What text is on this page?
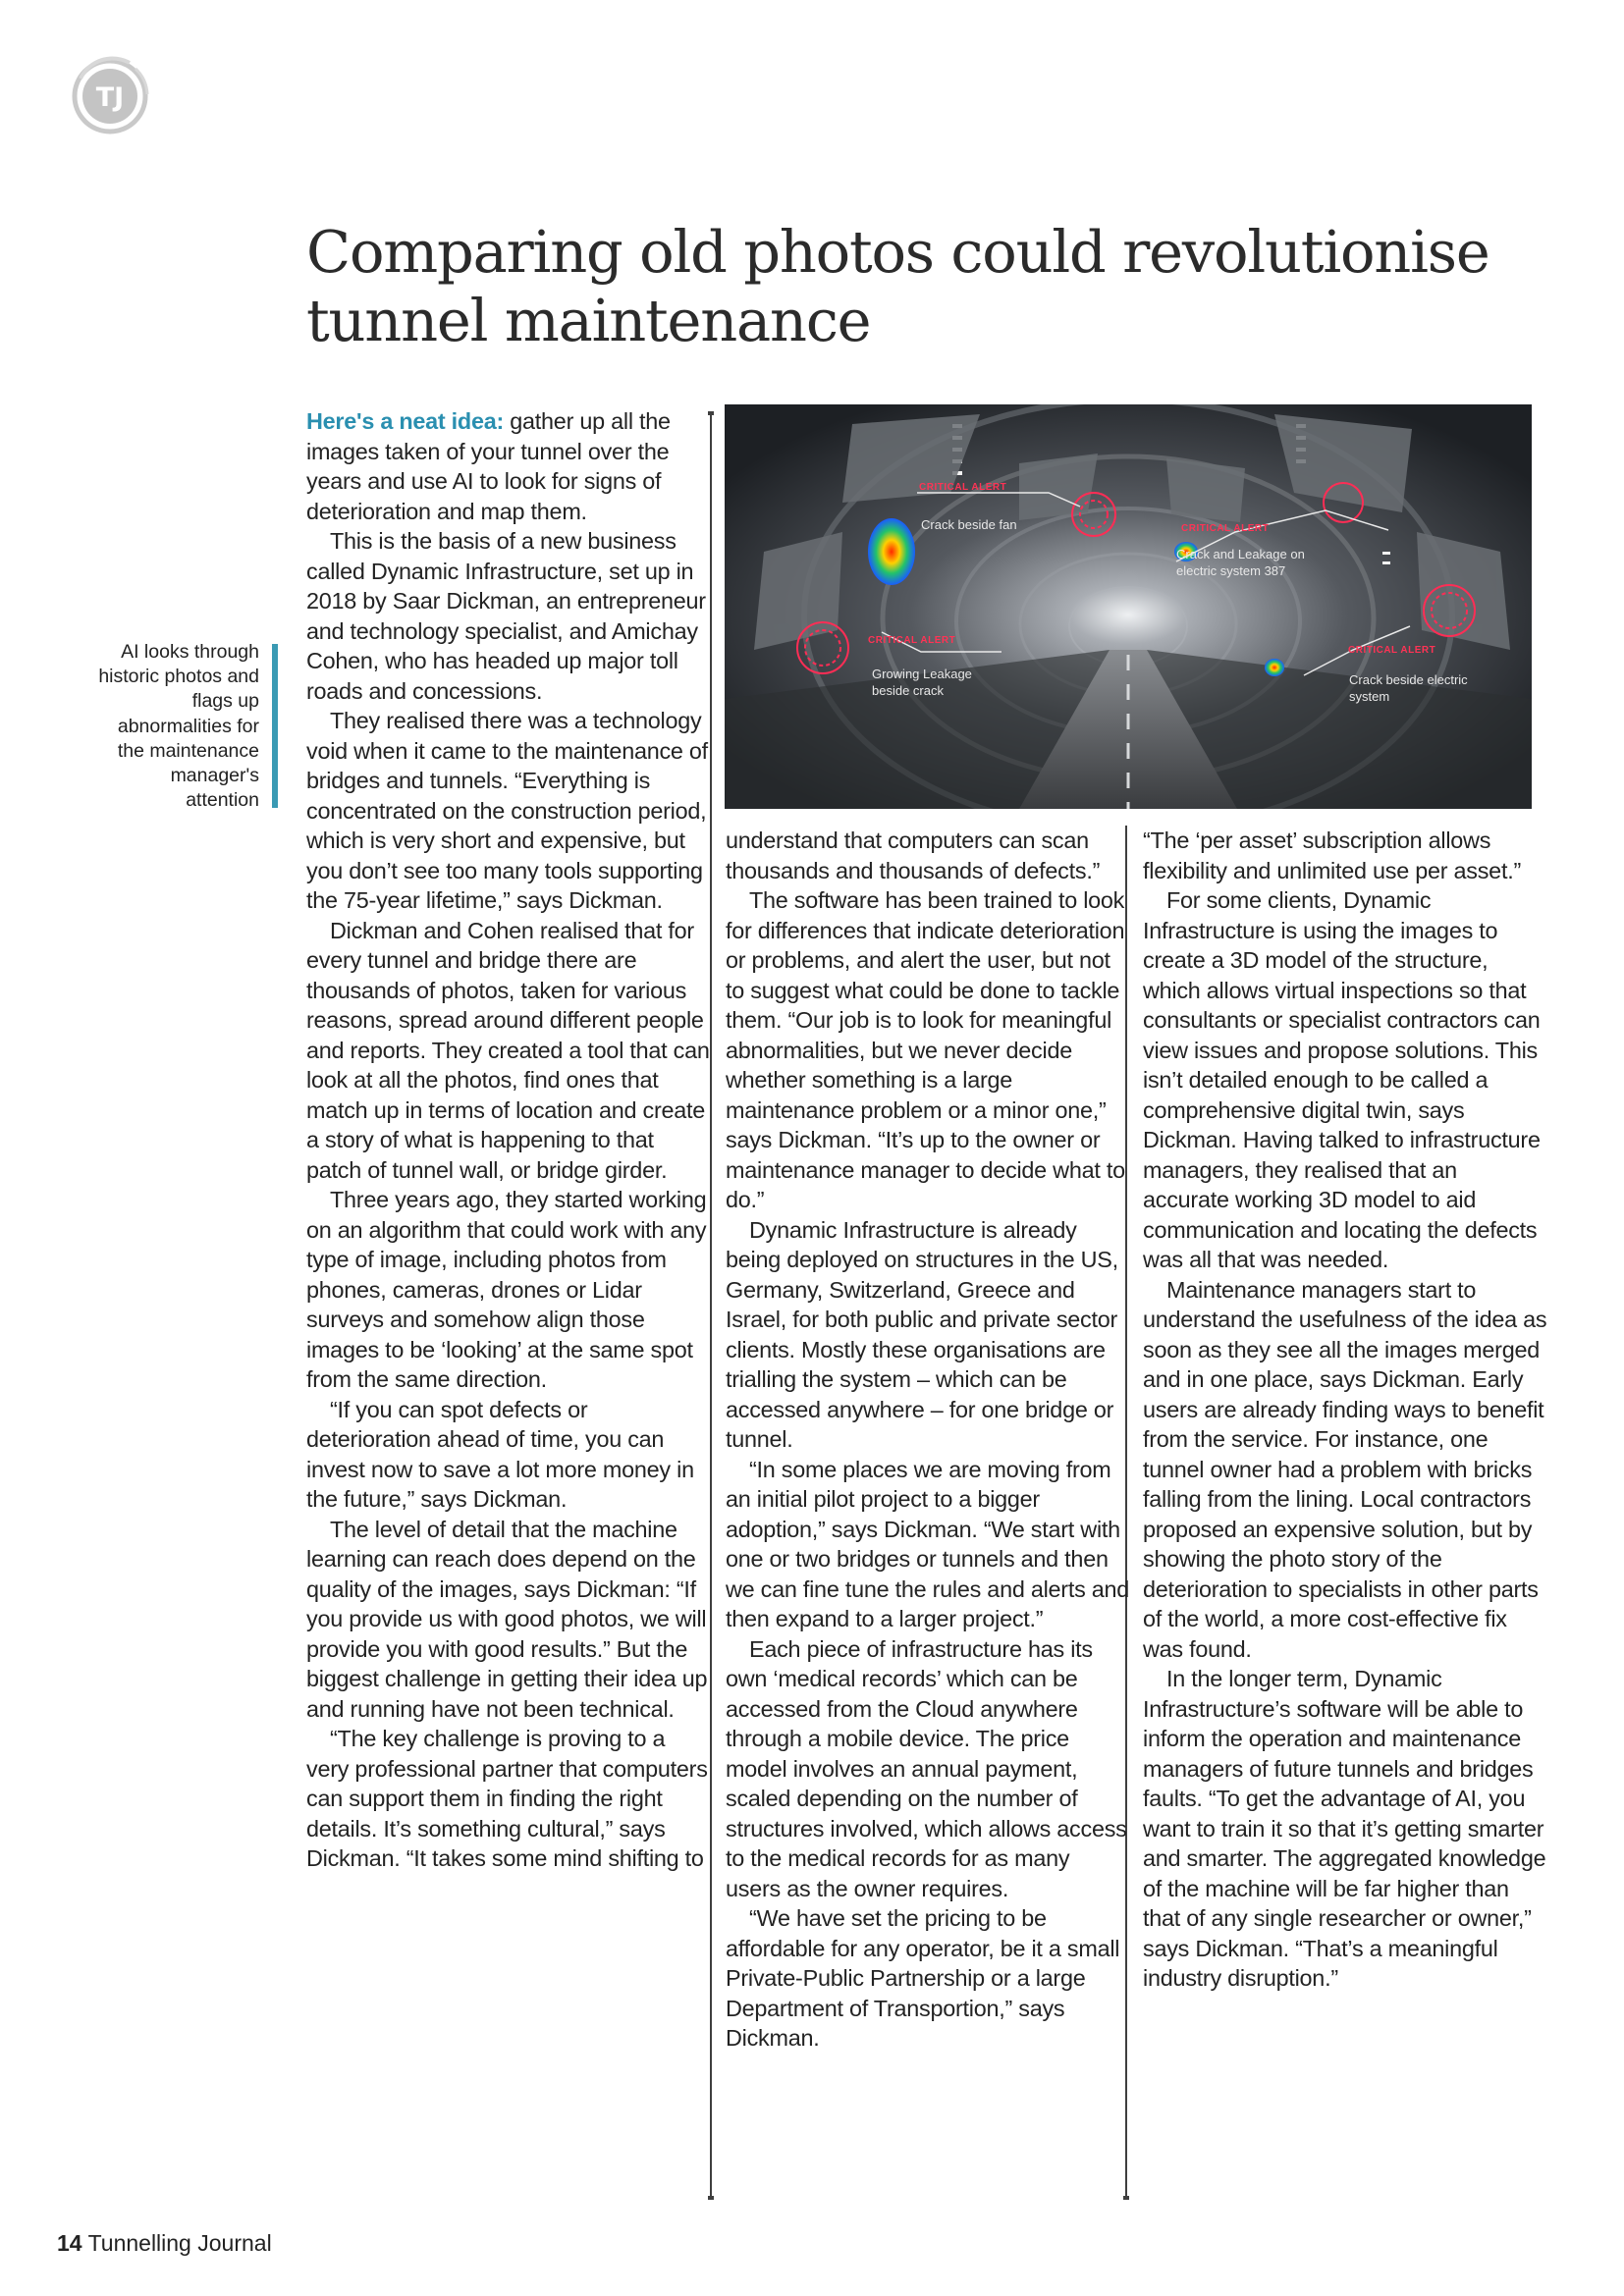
TJ
Comparing old photos could revolutionise tunnel maintenance
AI looks through historic photos and flags up abnormalities for the maintenance manager's attention

Here's a neat idea: gather up all the images taken of your tunnel over the years and use AI to look for signs of deterioration and map them.

This is the basis of a new business called Dynamic Infrastructure, set up in 2018 by Saar Dickman, an entrepreneur and technology specialist, and Amichay Cohen, who has headed up major toll roads and concessions.

They realised there was a technology void when it came to the maintenance of bridges and tunnels. “Everything is concentrated on the construction period, which is very short and expensive, but you don’t see too many tools supporting the 75-year lifetime,” says Dickman.

Dickman and Cohen realised that for every tunnel and bridge there are thousands of photos, taken for various reasons, spread around different people and reports. They created a tool that can look at all the photos, find ones that match up in terms of location and create a story of what is happening to that patch of tunnel wall, or bridge girder.

Three years ago, they started working on an algorithm that could work with any type of image, including photos from phones, cameras, drones or Lidar surveys and somehow align those images to be ‘looking’ at the same spot from the same direction.

“If you can spot defects or deterioration ahead of time, you can invest now to save a lot more money in the future,” says Dickman.

The level of detail that the machine learning can reach does depend on the quality of the images, says Dickman: “If you provide us with good photos, we will provide you with good results.” But the biggest challenge in getting their idea up and running have not been technical.

“The key challenge is proving to a very professional partner that computers can support them in finding the right details. It’s something cultural,” says Dickman. “It takes some mind shifting to

CRITICAL ALERT
Crack beside fan	CRITICAL ALERT
Crack and Leakage on
electric system 387
CRITICAL ALERT
Growing Leakage
beside crack
CRITICAL ALERT
Crack beside electric
system

understand that computers can scan thousands and thousands of defects.”

The software has been trained to look for differences that indicate deterioration or problems, and alert the user, but not to suggest what could be done to tackle them. “Our job is to look for meaningful abnormalities, but we never decide whether something is a large maintenance problem or a minor one,” says Dickman. “It’s up to the owner or maintenance manager to decide what to do.”

Dynamic Infrastructure is already being deployed on structures in the US, Germany, Switzerland, Greece and Israel, for both public and private sector clients. Mostly these organisations are trialling the system – which can be accessed anywhere – for one bridge or tunnel.

“In some places we are moving from an initial pilot project to a bigger adoption,” says Dickman. “We start with one or two bridges or tunnels and then we can fine tune the rules and alerts and then expand to a larger project.”

Each piece of infrastructure has its own ‘medical records’ which can be accessed from the Cloud anywhere through a mobile device. The price model involves an annual payment, scaled depending on the number of structures involved, which allows access to the medical records for as many users as the owner requires.

“We have set the pricing to be affordable for any operator, be it a small Private-Public Partnership or a large Department of Transportion,” says Dickman.

“The ‘per asset’ subscription allows flexibility and unlimited use per asset.”

For some clients, Dynamic Infrastructure is using the images to create a 3D model of the structure, which allows virtual inspections so that consultants or specialist contractors can view issues and propose solutions. This isn’t detailed enough to be called a comprehensive digital twin, says Dickman. Having talked to infrastructure managers, they realised that an accurate working 3D model to aid communication and locating the defects was all that was needed.

Maintenance managers start to understand the usefulness of the idea as soon as they see all the images merged and in one place, says Dickman. Early users are already finding ways to benefit from the service. For instance, one tunnel owner had a problem with bricks falling from the lining. Local contractors proposed an expensive solution, but by showing the photo story of the deterioration to specialists in other parts of the world, a more cost-effective fix was found.

In the longer term, Dynamic Infrastructure’s software will be able to inform the operation and maintenance managers of future tunnels and bridges faults. “To get the advantage of AI, you want to train it so that it’s getting smarter and smarter. The aggregated knowledge of the machine will be far higher than that of any single researcher or owner,” says Dickman. “That’s a meaningful industry disruption.”

14 Tunnelling Journal
